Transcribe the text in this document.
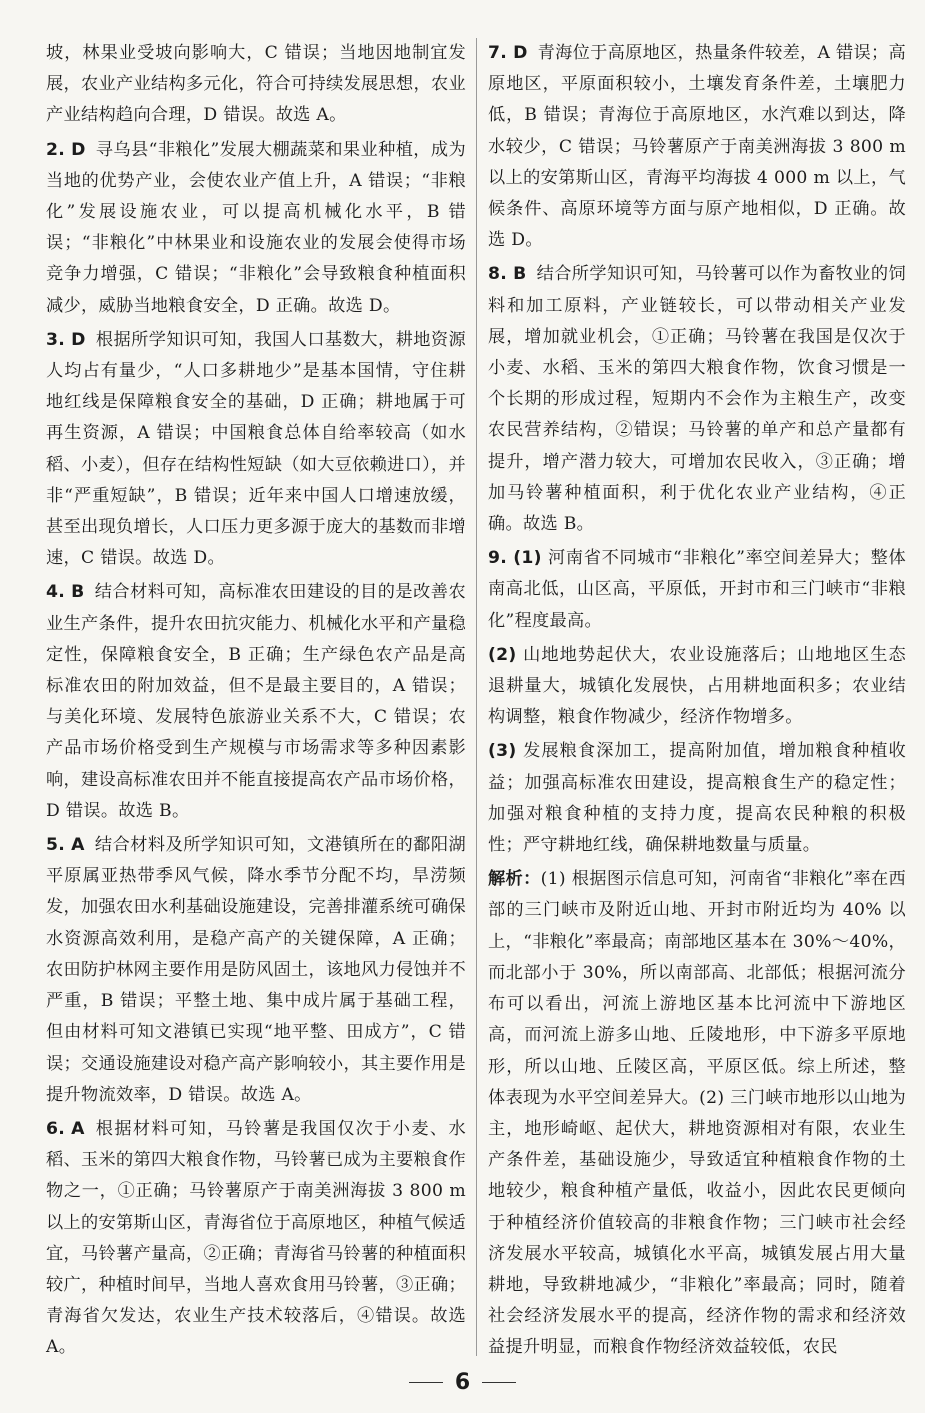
坡，林果业受坡向影响大，C 错误；当地因地制宜发展，农业产业结构多元化，符合可持续发展思想，农业产业结构趋向合理，D 错误。故选 A。

2. D 寻乌县“非粮化”发展大棚蔬菜和果业种植，成为当地的优势产业，会使农业产值上升，A 错误；“非粮化”发展设施农业，可以提高机械化水平，B 错误；“非粮化”中林果业和设施农业的发展会使得市场竞争力增强，C 错误；“非粮化”会导致粮食种植面积减少，威胁当地粮食安全，D 正确。故选 D。

3. D 根据所学知识可知，我国人口基数大，耕地资源人均占有量少，“人口多耕地少”是基本国情，守住耕地红线是保障粮食安全的基础，D 正确；耕地属于可再生资源，A 错误；中国粮食总体自给率较高（如水稻、小麦），但存在结构性短缺（如大豆依赖进口），并非“严重短缺”，B 错误；近年来中国人口增速放缓，甚至出现负增长，人口压力更多源于庞大的基数而非增速，C 错误。故选 D。

4. B 结合材料可知，高标准农田建设的目的是改善农业生产条件，提升农田抗灾能力、机械化水平和产量稳定性，保障粮食安全，B 正确；生产绿色农产品是高标准农田的附加效益，但不是最主要目的，A 错误；与美化环境、发展特色旅游业关系不大，C 错误；农产品市场价格受到生产规模与市场需求等多种因素影响，建设高标准农田并不能直接提高农产品市场价格，D 错误。故选 B。

5. A 结合材料及所学知识可知，文港镇所在的鄱阳湖平原属亚热带季风气候，降水季节分配不均，旱涝频发，加强农田水利基础设施建设，完善排灌系统可确保水资源高效利用，是稳产高产的关键保障，A 正确；农田防护林网主要作用是防风固土，该地风力侵蚀并不严重，B 错误；平整土地、集中成片属于基础工程，但由材料可知文港镇已实现“地平整、田成方”，C 错误；交通设施建设对稳产高产影响较小，其主要作用是提升物流效率，D 错误。故选 A。

6. A 根据材料可知，马铃薯是我国仅次于小麦、水稻、玉米的第四大粮食作物，马铃薯已成为主要粮食作物之一，①正确；马铃薯原产于南美洲海拔 3 800 m 以上的安第斯山区，青海省位于高原地区，种植气候适宜，马铃薯产量高，②正确；青海省马铃薯的种植面积较广，种植时间早，当地人喜欢食用马铃薯，③正确；青海省欠发达，农业生产技术较落后，④错误。故选 A。

7. D 青海位于高原地区，热量条件较差，A 错误；高原地区，平原面积较小，土壤发育条件差，土壤肥力低，B 错误；青海位于高原地区，水汽难以到达，降水较少，C 错误；马铃薯原产于南美洲海拔 3 800 m 以上的安第斯山区，青海平均海拔 4 000 m 以上，气候条件、高原环境等方面与原产地相似，D 正确。故选 D。

8. B 结合所学知识可知，马铃薯可以作为畜牧业的饲料和加工原料，产业链较长，可以带动相关产业发展，增加就业机会，①正确；马铃薯在我国是仅次于小麦、水稻、玉米的第四大粮食作物，饮食习惯是一个长期的形成过程，短期内不会作为主粮生产，改变农民营养结构，②错误；马铃薯的单产和总产量都有提升，增产潜力较大，可增加农民收入，③正确；增加马铃薯种植面积，利于优化农业产业结构，④正确。故选 B。

9. (1) 河南省不同城市“非粮化”率空间差异大；整体南高北低，山区高，平原低，开封市和三门峡市“非粮化”程度最高。

(2) 山地地势起伏大，农业设施落后；山地地区生态退耕量大，城镇化发展快，占用耕地面积多；农业结构调整，粮食作物减少，经济作物增多。

(3) 发展粮食深加工，提高附加值，增加粮食种植收益；加强高标准农田建设，提高粮食生产的稳定性；加强对粮食种植的支持力度，提高农民种粮的积极性；严守耕地红线，确保耕地数量与质量。

解析：(1) 根据图示信息可知，河南省“非粮化”率在西部的三门峡市及附近山地、开封市附近均为 40% 以上，“非粮化”率最高；南部地区基本在 30%～40%，而北部小于 30%，所以南部高、北部低；根据河流分布可以看出，河流上游地区基本比河流中下游地区高，而河流上游多山地、丘陵地形，中下游多平原地形，所以山地、丘陵区高，平原区低。综上所述，整体表现为水平空间差异大。(2) 三门峡市地形以山地为主，地形崎岖、起伏大，耕地资源相对有限，农业生产条件差，基础设施少，导致适宜种植粮食作物的土地较少，粮食种植产量低，收益小，因此农民更倾向于种植经济价值较高的非粮食作物；三门峡市社会经济发展水平较高，城镇化水平高，城镇发展占用大量耕地，导致耕地减少，“非粮化”率最高；同时，随着社会经济发展水平的提高，经济作物的需求和经济效益提升明显，而粮食作物经济效益较低，农民

6
